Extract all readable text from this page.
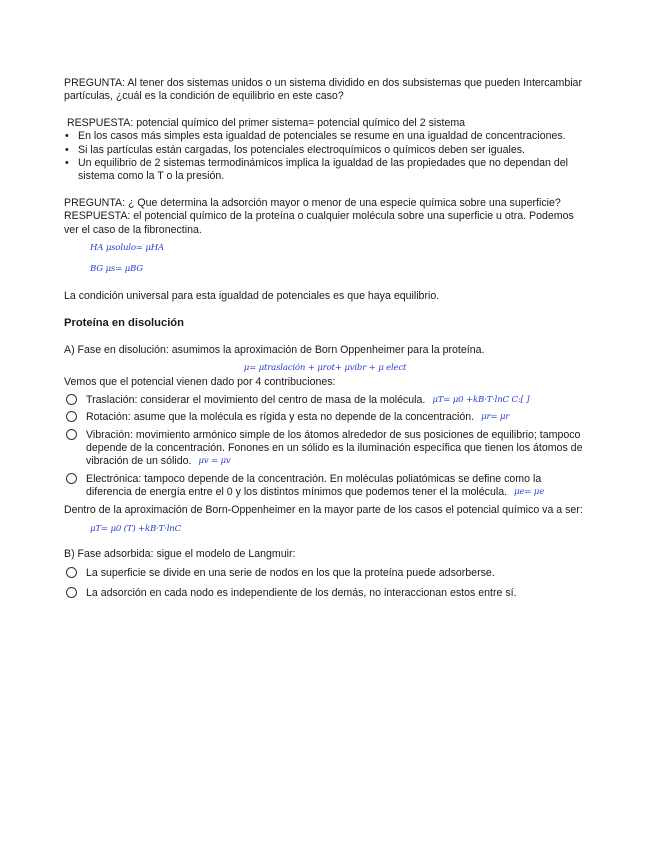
PREGUNTA: Al tener dos sistemas unidos o un sistema dividido en dos subsistemas que pueden Intercambiar partículas, ¿cuál es la condición de equilibrio en este caso?

RESPUESTA: potencial químico del primer sistema= potencial químico del 2 sistema

• En los casos más simples esta igualdad de potenciales se resume en una igualdad de concentraciones.
• Si las partículas están cargadas, los potenciales electroquímicos o químicos deben ser iguales.
• Un equilibrio de 2 sistemas termodinámicos implica la igualdad de las propiedades que no dependan del sistema como la T o la presión.

PREGUNTA: ¿ Que determina la adsorción mayor o menor de una especie química sobre una superficie?

RESPUESTA: el potencial químico de la proteína o cualquier molécula sobre una superficie u otra. Podemos ver el caso de la fibronectina.

HA μsolulo= μHA
BG μs= μBG

La condición universal para esta igualdad de potenciales es que haya equilibrio.

Proteína en disolución

A) Fase en disolución: asumimos la aproximación de Born Oppenheimer para la proteína.

μ= μtraslación + μrot+ μvibr + μ elect

Vemos que el potencial vienen dado por 4 contribuciones:

Traslación: considerar el movimiento del centro de masa de la molécula. μT= μ0 +kB·T·lnC C:[ ]
Rotación: asume que la molécula es rígida y esta no depende de la concentración. μr= μr
Vibración: movimiento armónico simple de los átomos alrededor de sus posiciones de equilibrio; tampoco depende de la concentración. Fonones en un sólido es la iluminación específica que tienen los átomos de vibración de un sólido. μv = μv
Electrónica: tampoco depende de la concentración. En moléculas poliatómicas se define como la diferencia de energía entre el 0 y los distintos mínimos que podemos tener el la molécula. μe= μe

Dentro de la aproximación de Born-Oppenheimer en la mayor parte de los casos el potencial químico va a ser:

μT= μ0 (T) +kB·T·lnC

B) Fase adsorbida: sigue el modelo de Langmuir:

La superficie se divide en una serie de nodos en los que la proteína puede adsorberse.
La adsorción en cada nodo es independiente de los demás, no interaccionan estos entre sí.
